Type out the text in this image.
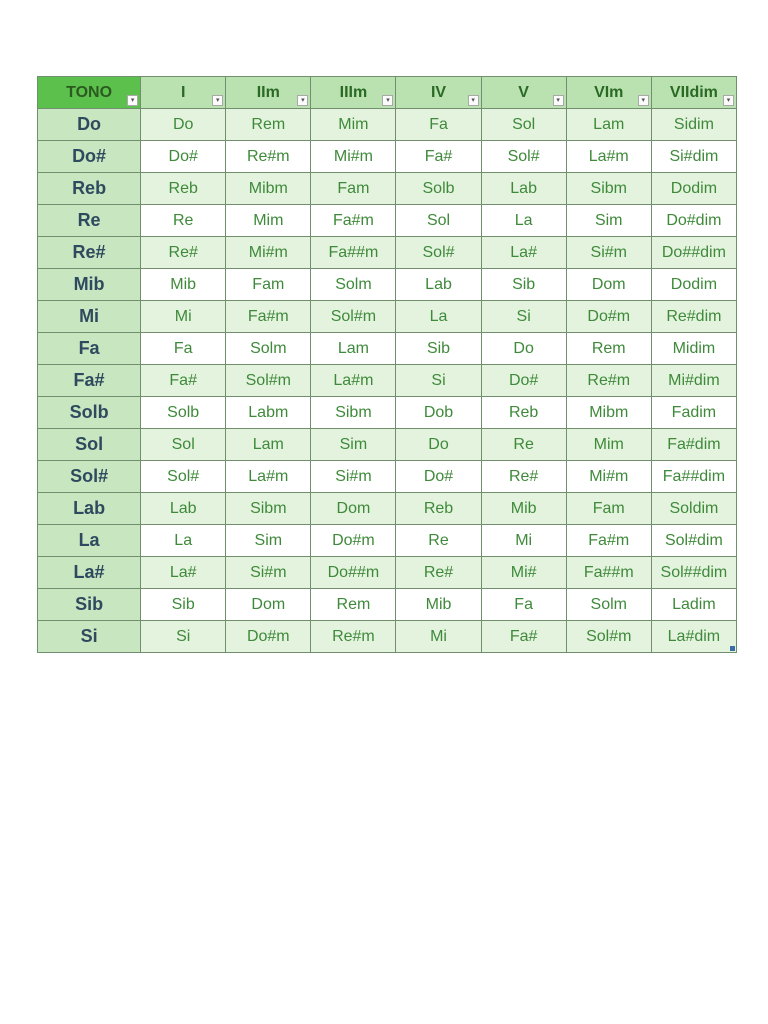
TONO ▾	I ▾	IIm ▾	IIIm ▾	IV ▾	V ▾	VIm ▾	VIIdim ▾

Do	Do	Rem	Mim	Fa	Sol	Lam	Sidim
Do#	Do#	Re#m	Mi#m	Fa#	Sol#	La#m	Si#dim
Reb	Reb	Mibm	Fam	Solb	Lab	Sibm	Dodim
Re	Re	Mim	Fa#m	Sol	La	Sim	Do#dim
Re#	Re#	Mi#m	Fa##m	Sol#	La#	Si#m	Do##dim
Mib	Mib	Fam	Solm	Lab	Sib	Dom	Dodim
Mi	Mi	Fa#m	Sol#m	La	Si	Do#m	Re#dim
Fa	Fa	Solm	Lam	Sib	Do	Rem	Midim
Fa#	Fa#	Sol#m	La#m	Si	Do#	Re#m	Mi#dim
Solb	Solb	Labm	Sibm	Dob	Reb	Mibm	Fadim
Sol	Sol	Lam	Sim	Do	Re	Mim	Fa#dim
Sol#	Sol#	La#m	Si#m	Do#	Re#	Mi#m	Fa##dim
Lab	Lab	Sibm	Dom	Reb	Mib	Fam	Soldim
La	La	Sim	Do#m	Re	Mi	Fa#m	Sol#dim
La#	La#	Si#m	Do##m	Re#	Mi#	Fa##m	Sol##dim
Sib	Sib	Dom	Rem	Mib	Fa	Solm	Ladim
Si	Si	Do#m	Re#m	Mi	Fa#	Sol#m	La#dim
